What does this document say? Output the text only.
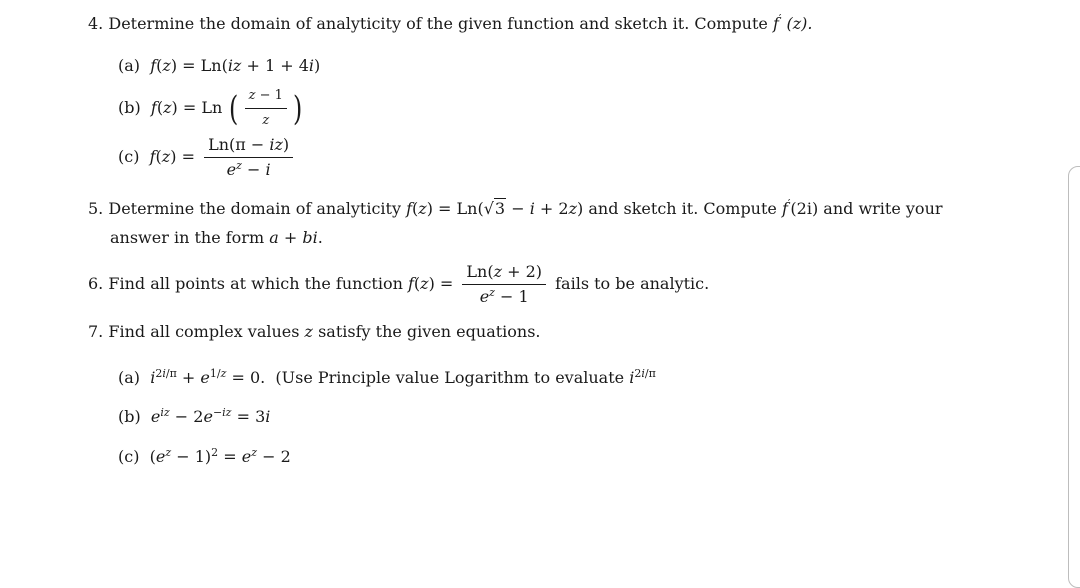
4. Determine the domain of analyticity of the given function and sketch it. Compute f′ (z).
(a) f(z) = Ln(iz + 1 + 4i)
(b) f(z) = Ln ( $\frac{z - 1}{z}$ )
(c) $f(z) = \frac{Ln(\pi - iz)}{e^z - i}$
5. Determine the domain of analyticity f(z) = Ln(√3 − i + 2z) and sketch it. Compute f′(2i) and write your
answer in the form a + bi.
6. Find all points at which the function $f(z) = \frac{Ln(z + 2)}{e^z - 1}$ fails to be analytic.
7. Find all complex values z satisfy the given equations.
(a) $i^{2i/\pi} + e^{1/z} = 0$.  (Use Principle value Logarithm to evaluate $i^{2i/\pi}$
(b) $e^{iz} - 2e^{-iz} = 3i$
(c)  $(e^z - 1)^2 = e^z - 2$
